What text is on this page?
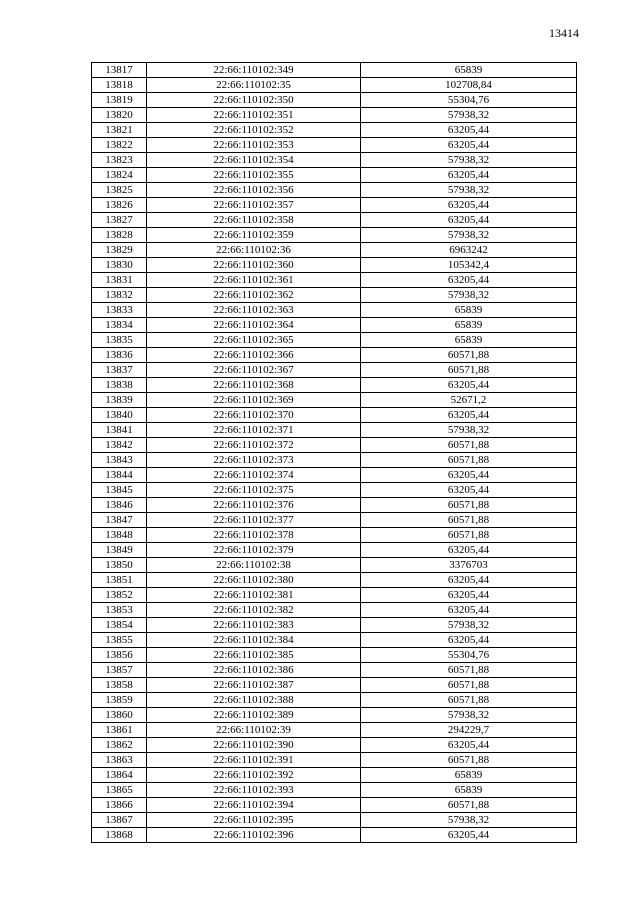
13414
13817	22:66:110102:349	65839
13818	22:66:110102:35	102708,84
13819	22:66:110102:350	55304,76
13820	22:66:110102:351	57938,32
13821	22:66:110102:352	63205,44
13822	22:66:110102:353	63205,44
13823	22:66:110102:354	57938,32
13824	22:66:110102:355	63205,44
13825	22:66:110102:356	57938,32
13826	22:66:110102:357	63205,44
13827	22:66:110102:358	63205,44
13828	22:66:110102:359	57938,32
13829	22:66:110102:36	6963242
13830	22:66:110102:360	105342,4
13831	22:66:110102:361	63205,44
13832	22:66:110102:362	57938,32
13833	22:66:110102:363	65839
13834	22:66:110102:364	65839
13835	22:66:110102:365	65839
13836	22:66:110102:366	60571,88
13837	22:66:110102:367	60571,88
13838	22:66:110102:368	63205,44
13839	22:66:110102:369	52671,2
13840	22:66:110102:370	63205,44
13841	22:66:110102:371	57938,32
13842	22:66:110102:372	60571,88
13843	22:66:110102:373	60571,88
13844	22:66:110102:374	63205,44
13845	22:66:110102:375	63205,44
13846	22:66:110102:376	60571,88
13847	22:66:110102:377	60571,88
13848	22:66:110102:378	60571,88
13849	22:66:110102:379	63205,44
13850	22:66:110102:38	3376703
13851	22:66:110102:380	63205,44
13852	22:66:110102:381	63205,44
13853	22:66:110102:382	63205,44
13854	22:66:110102:383	57938,32
13855	22:66:110102:384	63205,44
13856	22:66:110102:385	55304,76
13857	22:66:110102:386	60571,88
13858	22:66:110102:387	60571,88
13859	22:66:110102:388	60571,88
13860	22:66:110102:389	57938,32
13861	22:66:110102:39	294229,7
13862	22:66:110102:390	63205,44
13863	22:66:110102:391	60571,88
13864	22:66:110102:392	65839
13865	22:66:110102:393	65839
13866	22:66:110102:394	60571,88
13867	22:66:110102:395	57938,32
13868	22:66:110102:396	63205,44
